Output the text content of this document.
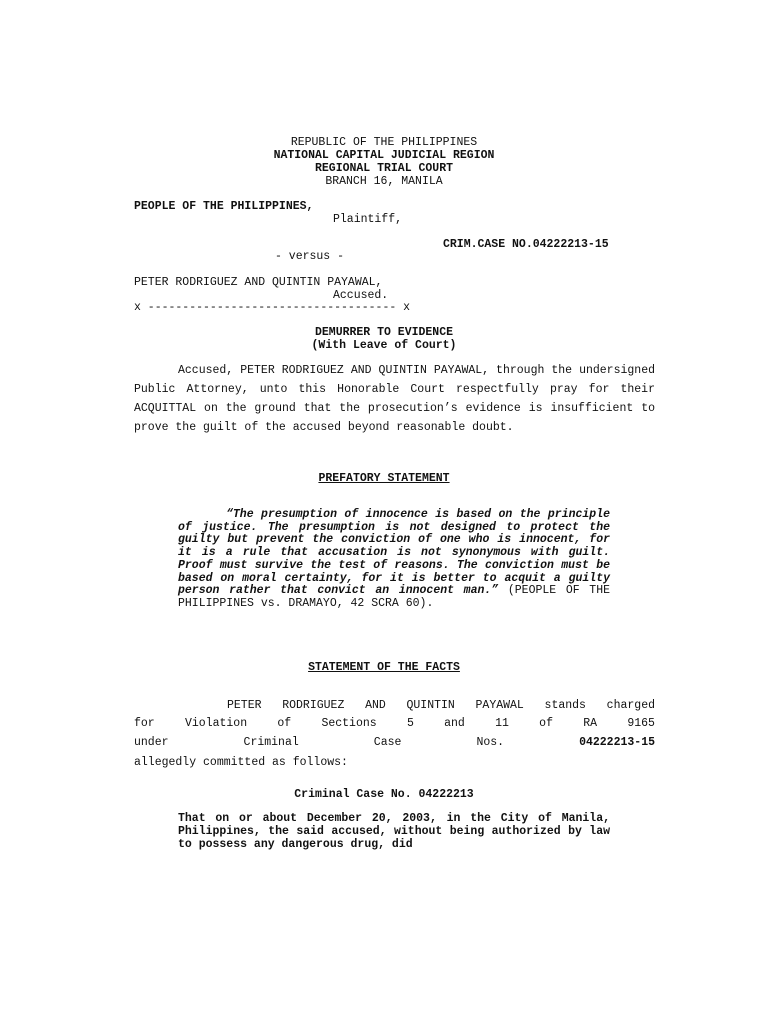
REPUBLIC OF THE PHILIPPINES
NATIONAL CAPITAL JUDICIAL REGION
REGIONAL TRIAL COURT
BRANCH 16, MANILA
PEOPLE OF THE PHILIPPINES,
Plaintiff,
CRIM.CASE NO.04222213-15
- versus -
PETER RODRIGUEZ AND QUINTIN PAYAWAL,
Accused.
x ------------------------------------ x
DEMURRER TO EVIDENCE
(With Leave of Court)
Accused, PETER RODRIGUEZ AND QUINTIN PAYAWAL, through the undersigned Public Attorney, unto this Honorable Court respectfully pray for their ACQUITTAL on the ground that the prosecution’s evidence is insufficient to prove the guilt of the accused beyond reasonable doubt.
PREFATORY STATEMENT
“The presumption of innocence is based on the principle of justice. The presumption is not designed to protect the guilty but prevent the conviction of one who is innocent, for it is a rule that accusation is not synonymous with guilt. Proof must survive the test of reasons. The conviction must be based on moral certainty, for it is better to acquit a guilty person rather that convict an innocent man.” (PEOPLE OF THE PHILIPPINES vs. DRAMAYO, 42 SCRA 60).
STATEMENT OF THE FACTS
PETER RODRIGUEZ AND QUINTIN PAYAWAL stands charged
for	Violation	of	Sections	5	and	11	of	RA	9165
under	Criminal	Case	Nos.	04222213-15
allegedly committed as follows:
Criminal Case No. 04222213
That on or about December 20, 2003, in the City of Manila, Philippines, the said accused, without being authorized by law to possess any dangerous drug, did
